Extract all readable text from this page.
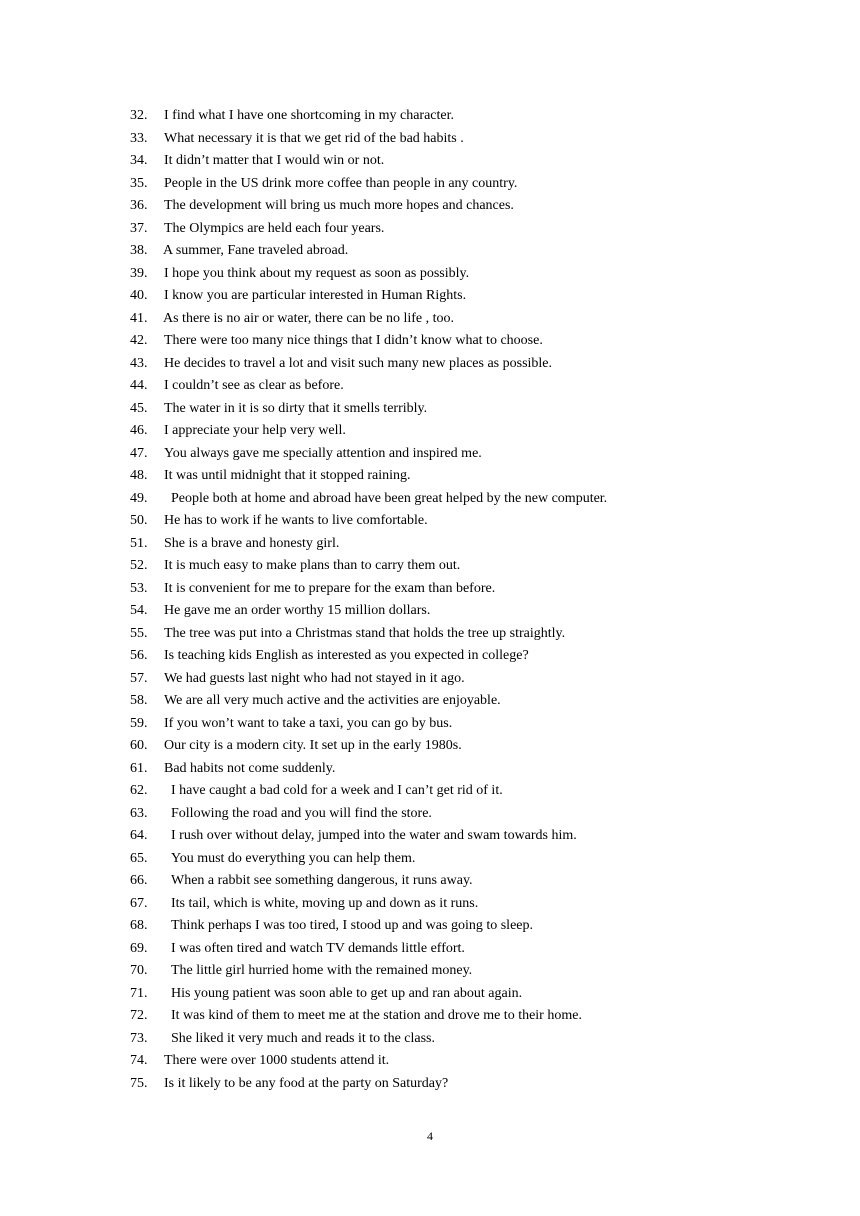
32. I find what I have one shortcoming in my character.
33. What necessary it is that we get rid of the bad habits .
34. It didn’t matter that I would win or not.
35. People in the US drink more coffee than people in any country.
36. The development will bring us much more hopes and chances.
37. The Olympics are held each four years.
38. A summer, Fane traveled abroad.
39. I hope you think about my request as soon as possibly.
40. I know you are particular interested in Human Rights.
41. As there is no air or water, there can be no life , too.
42. There were too many nice things that I didn’t know what to choose.
43. He decides to travel a lot and visit such many new places as possible.
44. I couldn’t see as clear as before.
45. The water in it is so dirty that it smells terribly.
46. I appreciate your help very well.
47. You always gave me specially attention and inspired me.
48. It was until midnight that it stopped raining.
49. People both at home and abroad have been great helped by the new computer.
50. He has to work if he wants to live comfortable.
51. She is a brave and honesty girl.
52. It is much easy to make plans than to carry them out.
53. It is convenient for me to prepare for the exam than before.
54. He gave me an order worthy 15 million dollars.
55. The tree was put into a Christmas stand that holds the tree up straightly.
56. Is teaching kids English as interested as you expected in college?
57. We had guests last night who had not stayed in it ago.
58. We are all very much active and the activities are enjoyable.
59. If you won’t want to take a taxi, you can go by bus.
60. Our city is a modern city. It set up in the early 1980s.
61. Bad habits not come suddenly.
62. I have caught a bad cold for a week and I can’t get rid of it.
63. Following the road and you will find the store.
64. I rush over without delay, jumped into the water and swam towards him.
65. You must do everything you can help them.
66. When a rabbit see something dangerous, it runs away.
67. Its tail, which is white, moving up and down as it runs.
68. Think perhaps I was too tired, I stood up and was going to sleep.
69. I was often tired and watch TV demands little effort.
70. The little girl hurried home with the remained money.
71. His young patient was soon able to get up and ran about again.
72. It was kind of them to meet me at the station and drove me to their home.
73. She liked it very much and reads it to the class.
74. There were over 1000 students attend it.
75. Is it likely to be any food at the party on Saturday?
4
